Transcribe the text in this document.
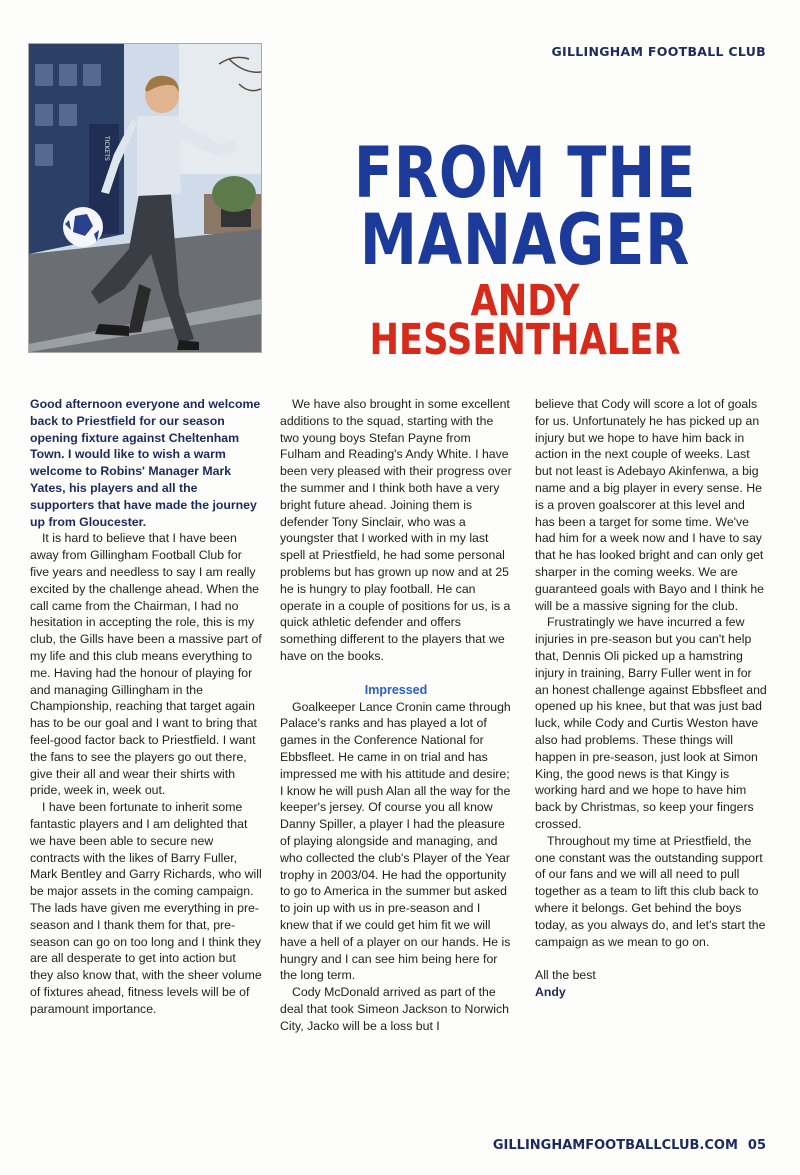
GILLINGHAM FOOTBALL CLUB
TICKETS	FROM THE
MANAGER
ANDY HESSENTHALER

Good afternoon everyone and welcome back to Priestfield for our season opening fixture against Cheltenham Town. I would like to wish a warm welcome to Robins' Manager Mark Yates, his players and all the supporters that have made the journey up from Gloucester.

It is hard to believe that I have been away from Gillingham Football Club for five years and needless to say I am really excited by the challenge ahead. When the call came from the Chairman, I had no hesitation in accepting the role, this is my club, the Gills have been a massive part of my life and this club means everything to me. Having had the honour of playing for and managing Gillingham in the Championship, reaching that target again has to be our goal and I want to bring that feel-good factor back to Priestfield. I want the fans to see the players go out there, give their all and wear their shirts with pride, week in, week out.

I have been fortunate to inherit some fantastic players and I am delighted that we have been able to secure new contracts with the likes of Barry Fuller, Mark Bentley and Garry Richards, who will be major assets in the coming campaign. The lads have given me everything in pre-season and I thank them for that, pre-season can go on too long and I think they are all desperate to get into action but they also know that, with the sheer volume of fixtures ahead, fitness levels will be of paramount importance.

We have also brought in some excellent additions to the squad, starting with the two young boys Stefan Payne from Fulham and Reading's Andy White. I have been very pleased with their progress over the summer and I think both have a very bright future ahead. Joining them is defender Tony Sinclair, who was a youngster that I worked with in my last spell at Priestfield, he had some personal problems but has grown up now and at 25 he is hungry to play football. He can operate in a couple of positions for us, is a quick athletic defender and offers something different to the players that we have on the books.

Impressed

Goalkeeper Lance Cronin came through Palace's ranks and has played a lot of games in the Conference National for Ebbsfleet. He came in on trial and has impressed me with his attitude and desire; I know he will push Alan all the way for the keeper's jersey. Of course you all know Danny Spiller, a player I had the pleasure of playing alongside and managing, and who collected the club's Player of the Year trophy in 2003/04. He had the opportunity to go to America in the summer but asked to join up with us in pre-season and I knew that if we could get him fit we will have a hell of a player on our hands. He is hungry and I can see him being here for the long term.

Cody McDonald arrived as part of the deal that took Simeon Jackson to Norwich City, Jacko will be a loss but I

believe that Cody will score a lot of goals for us. Unfortunately he has picked up an injury but we hope to have him back in action in the next couple of weeks. Last but not least is Adebayo Akinfenwa, a big name and a big player in every sense. He is a proven goalscorer at this level and has been a target for some time. We've had him for a week now and I have to say that he has looked bright and can only get sharper in the coming weeks. We are guaranteed goals with Bayo and I think he will be a massive signing for the club.

Frustratingly we have incurred a few injuries in pre-season but you can't help that, Dennis Oli picked up a hamstring injury in training, Barry Fuller went in for an honest challenge against Ebbsfleet and opened up his knee, but that was just bad luck, while Cody and Curtis Weston have also had problems. These things will happen in pre-season, just look at Simon King, the good news is that Kingy is working hard and we hope to have him back by Christmas, so keep your fingers crossed.

Throughout my time at Priestfield, the one constant was the outstanding support of our fans and we will all need to pull together as a team to lift this club back to where it belongs. Get behind the boys today, as you always do, and let's start the campaign as we mean to go on.

All the best
Andy
GILLINGHAMFOOTBALLCLUB.COM 05
